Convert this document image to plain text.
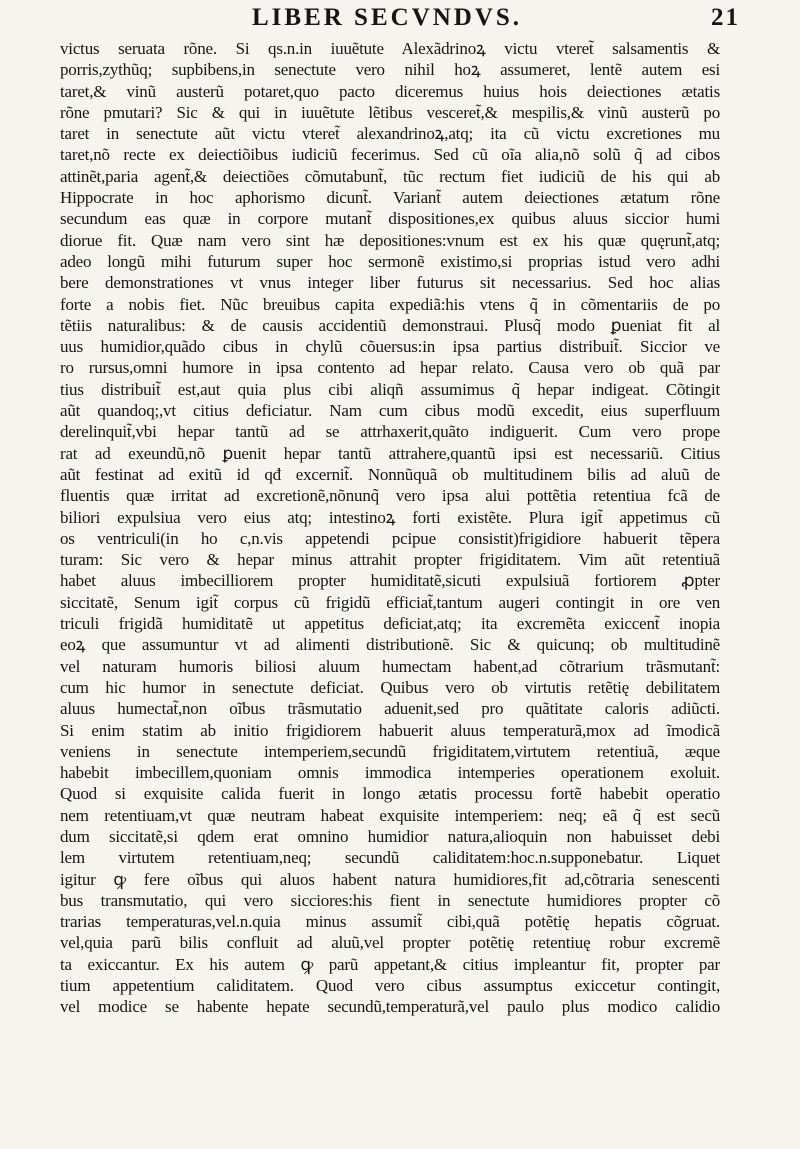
LIBER SECVNDVS.	21
victus seruata rõne. Si qs.n.in iuuẽtute Alexãdrinoꝝ victu vteret̃ salsamentis &
porris,zythũq; supbibens,in senectute vero nihil hoꝝ assumeret, lentẽ autem esi
taret,& vinũ austerũ potaret,quo pacto diceremus huius hois deiectiones ætatis
rõne pmutari? Sic & qui in iuuẽtute lẽtibus vesceret̃,& mespilis,& vinũ austerũ po
taret in senectute aũt victu vteret̃ alexandrinoꝝ,atq; ita cũ victu excretiones mu
taret,nõ recte ex deiectiõibus iudiciũ fecerimus. Sed cũ oĩa alia,nõ solũ q̃ ad cibos
attinẽt,paria agent̃,& deiectiões cõmutabunt̃, tũc rectum fiet iudiciũ de his qui ab
Hippocrate in hoc aphorismo dicunt̃. Variant̃ autem deiectiones ætatum rõne
secundum eas quæ in corpore mutant̃ dispositiones,ex quibus aluus siccior humi
diorue fit. Quæ nam vero sint hæ depositiones:vnum est ex his quæ quęrunt̃,atq;
adeo longũ mihi futurum super hoc sermonẽ existimo,si proprias istud vero adhi
bere demonstrationes vt vnus integer liber futurus sit necessarius. Sed hoc alias
forte a nobis fiet. Nũc breuibus capita expediã:his vtens q̃ in cõmentariis de po
tẽtiis naturalibus: & de causis accidentiũ demonstraui. Plusq̃ modo ꝑueniat fit al
uus humidior,quãdo cibus in chylũ cõuersus:in ipsa partius distribuit̃. Siccior ve
ro rursus,omni humore in ipsa contento ad hepar relato. Causa vero ob quã par
tius distribuit̃ est,aut quia plus cibi aliqñ assumimus q̃ hepar indigeat. Cõtingit
aũt quandoq;,vt citius deficiatur. Nam cum cibus modũ excedit, eius superfluum
derelinquit̃,vbi hepar tantũ ad se attrhaxerit,quãto indiguerit. Cum vero prope
rat ad exeundũ,nõ ꝑuenit hepar tantũ attrahere,quantũ ipsi est necessariũ. Citius
aũt festinat ad exitũ id qđ excernit̃. Nonnũquã ob multitudinem bilis ad aluũ de
fluentis quæ irritat ad excretionẽ,nõnunq̃ vero ipsa alui pottẽtia retentiua fcã de
biliori expulsiua vero eius atq; intestinoꝝ forti existẽte. Plura igit̃ appetimus cũ
os ventriculi(in ho c,n.vis appetendi pcipue consistit)frigidiore habuerit tẽpera
turam: Sic vero & hepar minus attrahit propter frigiditatem. Vim aũt retentiuã
habet aluus imbecilliorem propter humiditatẽ,sicuti expulsiuã fortiorem ꝓpter
siccitatẽ, Senum igit̃ corpus cũ frigidũ efficiat̃,tantum augeri contingit in ore ven
triculi frigidã humiditatẽ ut appetitus deficiat,atq; ita excremẽta exiccent̃ inopia
eoꝝ que assumuntur vt ad alimenti distributionẽ. Sic & quicunq; ob multitudinẽ
vel naturam humoris biliosi aluum humectam habent,ad cõtrarium trãsmutant̃:
cum hic humor in senectute deficiat. Quibus vero ob virtutis retẽtię debilitatem
aluus humectat̃,non oĩbus trãsmutatio aduenit,sed pro quãtitate caloris adiũcti.
Si enim statim ab initio frigidiorem habuerit aluus temperaturã,mox ad ĩmodicã
veniens in senectute intemperiem,secundũ frigiditatem,virtutem retentiuã, æque
habebit imbecillem,quoniam omnis immodica intemperies operationem exoluit.
Quod si exquisite calida fuerit in longo ætatis processu fortẽ habebit operatio
nem retentiuam,vt quæ neutram habeat exquisite intemperiem: neq; eã q̃ est secũ
dum siccitatẽ,si qdem erat omnino humidior natura,alioquin non habuisset debi
lem virtutem retentiuam,neq; secundũ caliditatem:hoc.n.supponebatur. Liquet
igitur ꝙ fere oĩbus qui aluos habent natura humidiores,fit ad,cõtraria senescenti
bus transmutatio, qui vero sicciores:his fient in senectute humidiores propter cõ
trarias temperaturas,vel.n.quia minus assumit̃ cibi,quã potẽtię hepatis cõgruat.
vel,quia parũ bilis confluit ad aluũ,vel propter potẽtię retentiuę robur excremẽ
ta exiccantur. Ex his autem ꝙ parũ appetant,& citius impleantur fit, propter par
tium appetentium caliditatem. Quod vero cibus assumptus exiccetur contingit,
vel modice se habente hepate secundũ,temperaturã,vel paulo plus modico calidio
